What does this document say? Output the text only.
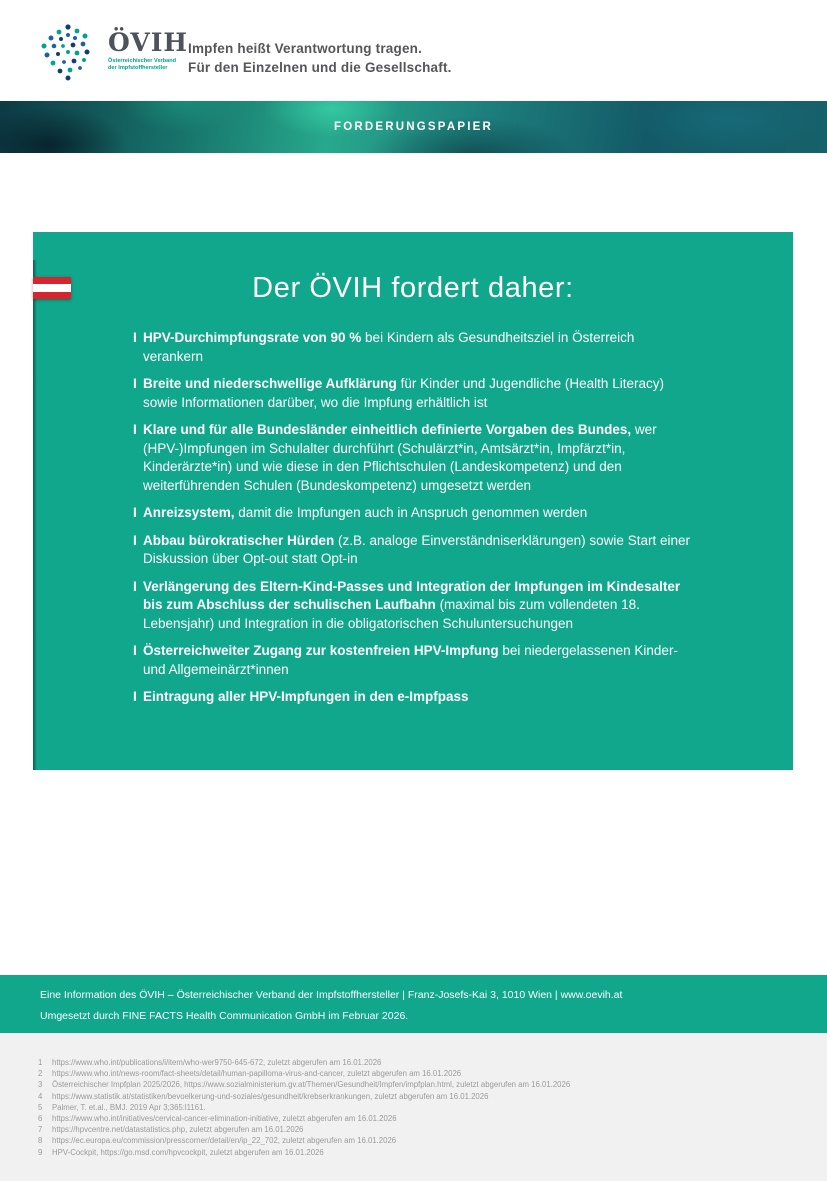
ÖVIH
Österreichischer Verband
der Impfstoffhersteller
Impfen heißt Verantwortung tragen.
Für den Einzelnen und die Gesellschaft.
FORDERUNGSPAPIER
Der ÖVIH fordert daher:
I HPV-Durchimpfungsrate von 90 % bei Kindern als Gesundheitsziel in Österreich verankern
I Breite und niederschwellige Aufklärung für Kinder und Jugendliche (Health Literacy) sowie Informationen darüber, wo die Impfung erhältlich ist
I Klare und für alle Bundesländer einheitlich definierte Vorgaben des Bundes, wer (HPV-)Impfungen im Schulalter durchführt (Schulärzt*in, Amtsärzt*in, Impfärzt*in, Kinderärzte*in) und wie diese in den Pflichtschulen (Landeskompetenz) und den weiterführenden Schulen (Bundeskompetenz) umgesetzt werden
I Anreizsystem, damit die Impfungen auch in Anspruch genommen werden
I Abbau bürokratischer Hürden (z.B. analoge Einverständniserklärungen) sowie Start einer Diskussion über Opt-out statt Opt-in
I Verlängerung des Eltern-Kind-Passes und Integration der Impfungen im Kindesalter bis zum Abschluss der schulischen Laufbahn (maximal bis zum vollendeten 18. Lebensjahr) und Integration in die obligatorischen Schuluntersuchungen
I Österreichweiter Zugang zur kostenfreien HPV-Impfung bei niedergelassenen Kinder- und Allgemeinärzt*innen
I Eintragung aller HPV-Impfungen in den e-Impfpass

Eine Information des ÖVIH – Österreichischer Verband der Impfstoffhersteller | Franz-Josefs-Kai 3, 1010 Wien | www.oevih.at

Umgesetzt durch FINE FACTS Health Communication GmbH im Februar 2026.

1	https://www.who.int/publications/i/item/who-wer9750-645-672, zuletzt abgerufen am 16.01.2026
2	https://www.who.int/news-room/fact-sheets/detail/human-papilloma-virus-and-cancer, zuletzt abgerufen am 16.01.2026
3	Österreichischer Impfplan 2025/2026, https://www.sozialministerium.gv.at/Themen/Gesundheit/Impfen/impfplan.html, zuletzt abgerufen am 16.01.2026
4	https://www.statistik.at/statistiken/bevoelkerung-und-soziales/gesundheit/krebserkrankungen, zuletzt abgerufen am 16.01.2026
5	Palmer, T. et.al., BMJ. 2019 Apr 3;365:l1161.
6	https://www.who.int/initiatives/cervical-cancer-elimination-initiative, zuletzt abgerufen am 16.01.2026
7	https://hpvcentre.net/datastatistics.php, zuletzt abgerufen am 16.01.2026
8	https://ec.europa.eu/commission/presscorner/detail/en/ip_22_702, zuletzt abgerufen am 16.01.2026
9	HPV-Cockpit, https://go.msd.com/hpvcockpit, zuletzt abgerufen am 16.01.2026
